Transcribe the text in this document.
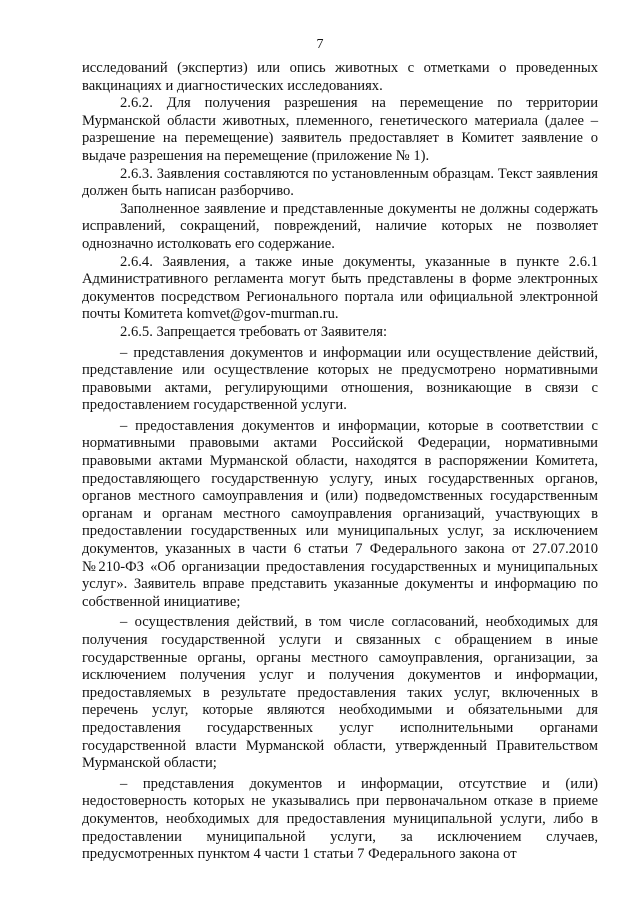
7

исследований (экспертиз) или опись животных с отметками о проведенных вакцинациях и диагностических исследованиях.

2.6.2. Для получения разрешения на перемещение по территории Мурманской области животных, племенного, генетического материала (далее – разрешение на перемещение) заявитель предоставляет в Комитет заявление о выдаче разрешения на перемещение (приложение № 1).

2.6.3. Заявления составляются по установленным образцам. Текст заявления должен быть написан разборчиво.

Заполненное заявление и представленные документы не должны содержать исправлений, сокращений, повреждений, наличие которых не позволяет однозначно истолковать его содержание.

2.6.4. Заявления, а также иные документы, указанные в пункте 2.6.1 Административного регламента могут быть представлены в форме электронных документов посредством Регионального портала или официальной электронной почты Комитета komvet@gov-murman.ru.

2.6.5. Запрещается требовать от Заявителя:

– представления документов и информации или осуществление действий, представление или осуществление которых не предусмотрено нормативными правовыми актами, регулирующими отношения, возникающие в связи с предоставлением государственной услуги.

– предоставления документов и информации, которые в соответствии с нормативными правовыми актами Российской Федерации, нормативными правовыми актами Мурманской области, находятся в распоряжении Комитета, предоставляющего государственную услугу, иных государственных органов, органов местного самоуправления и (или) подведомственных государственным органам и органам местного самоуправления организаций, участвующих в предоставлении государственных или муниципальных услуг, за исключением документов, указанных в части 6 статьи 7 Федерального закона от 27.07.2010 №210-ФЗ «Об организации предоставления государственных и муниципальных услуг». Заявитель вправе представить указанные документы и информацию по собственной инициативе;

– осуществления действий, в том числе согласований, необходимых для получения государственной услуги и связанных с обращением в иные государственные органы, органы местного самоуправления, организации, за исключением получения услуг и получения документов и информации, предоставляемых в результате предоставления таких услуг, включенных в перечень услуг, которые являются необходимыми и обязательными для предоставления государственных услуг исполнительными органами государственной власти Мурманской области, утвержденный Правительством Мурманской области;

– представления документов и информации, отсутствие и (или) недостоверность которых не указывались при первоначальном отказе в приеме документов, необходимых для предоставления муниципальной услуги, либо в предоставлении муниципальной услуги, за исключением случаев, предусмотренных пунктом 4 части 1 статьи 7 Федерального закона от
